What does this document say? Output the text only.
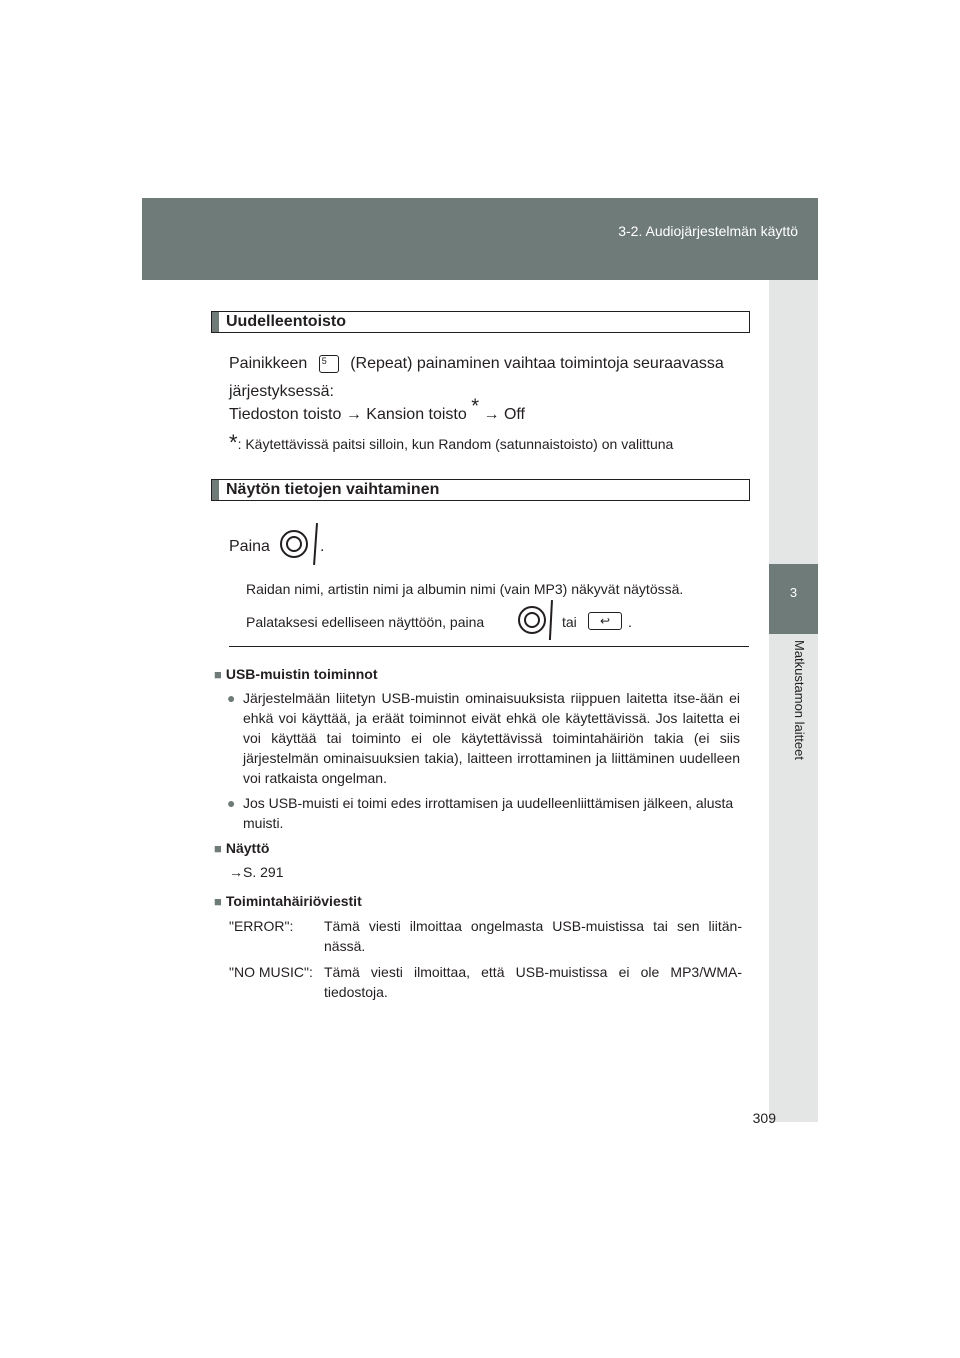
3-2. Audiojärjestelmän käyttö
3
Matkustamon laitteet
Uudelleentoisto
Painikkeen 5 (Repeat) painaminen vaihtaa toimintoja seuraavassa
järjestyksessä:
Tiedoston toisto → Kansion toisto * → Off
*: Käytettävissä paitsi silloin, kun Random (satunnaistoisto) on valittuna
Näytön tietojen vaihtaminen
Paina	.
Raidan nimi, artistin nimi ja albumin nimi (vain MP3) näkyvät näytössä.
Palataksesi edelliseen näyttöön, paina	tai	↩	.
■ USB-muistin toiminnot
● Järjestelmään liitetyn USB-muistin ominaisuuksista riippuen laitetta itse-ään ei ehkä voi käyttää, ja eräät toiminnot eivät ehkä ole käytettävissä. Jos laitetta ei voi käyttää tai toiminto ei ole käytettävissä toimintahäiriön takia (ei siis järjestelmän ominaisuuksien takia), laitteen irrottaminen ja liittäminen uudelleen voi ratkaista ongelman.
● Jos USB-muisti ei toimi edes irrottamisen ja uudelleenliittämisen jälkeen, alusta muisti.
■ Näyttö
→S. 291
■ Toimintahäiriöviestit
"ERROR": Tämä viesti ilmoittaa ongelmasta USB-muistissa tai sen liitän-nässä.
"NO MUSIC": Tämä viesti ilmoittaa, että USB-muistissa ei ole MP3/WMA-tiedostoja.
309
